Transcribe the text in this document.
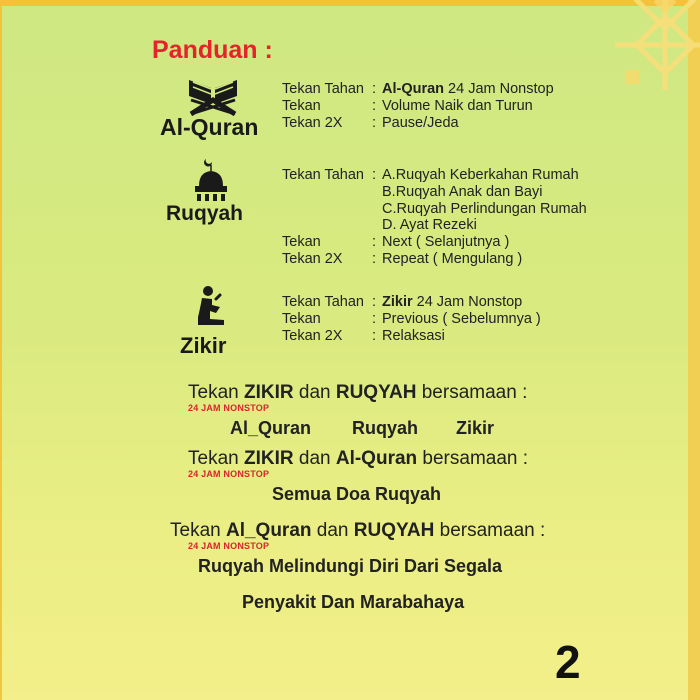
Panduan :
Al-Quran
Tekan Tahan : Al-Quran 24 Jam Nonstop
Tekan	: Volume Naik dan Turun
Tekan 2X	: Pause/Jeda
Ruqyah
Tekan Tahan : A.Ruqyah Keberkahan Rumah
B.Ruqyah Anak dan Bayi
C.Ruqyah Perlindungan Rumah
D. Ayat Rezeki
Tekan	: Next ( Selanjutnya )
Tekan 2X	: Repeat ( Mengulang )
Zikir
Tekan Tahan : Zikir 24 Jam Nonstop
Tekan	: Previous ( Sebelumnya )
Tekan 2X	: Relaksasi
Tekan ZIKIR dan RUQYAH bersamaan :
24 JAM NONSTOP
Al_Quran Ruqyah Zikir
Tekan ZIKIR dan Al-Quran bersamaan :
24 JAM NONSTOP
Semua Doa Ruqyah
Tekan Al_Quran dan RUQYAH bersamaan :
24 JAM NONSTOP
Ruqyah Melindungi Diri Dari Segala
Penyakit Dan Marabahaya
2
